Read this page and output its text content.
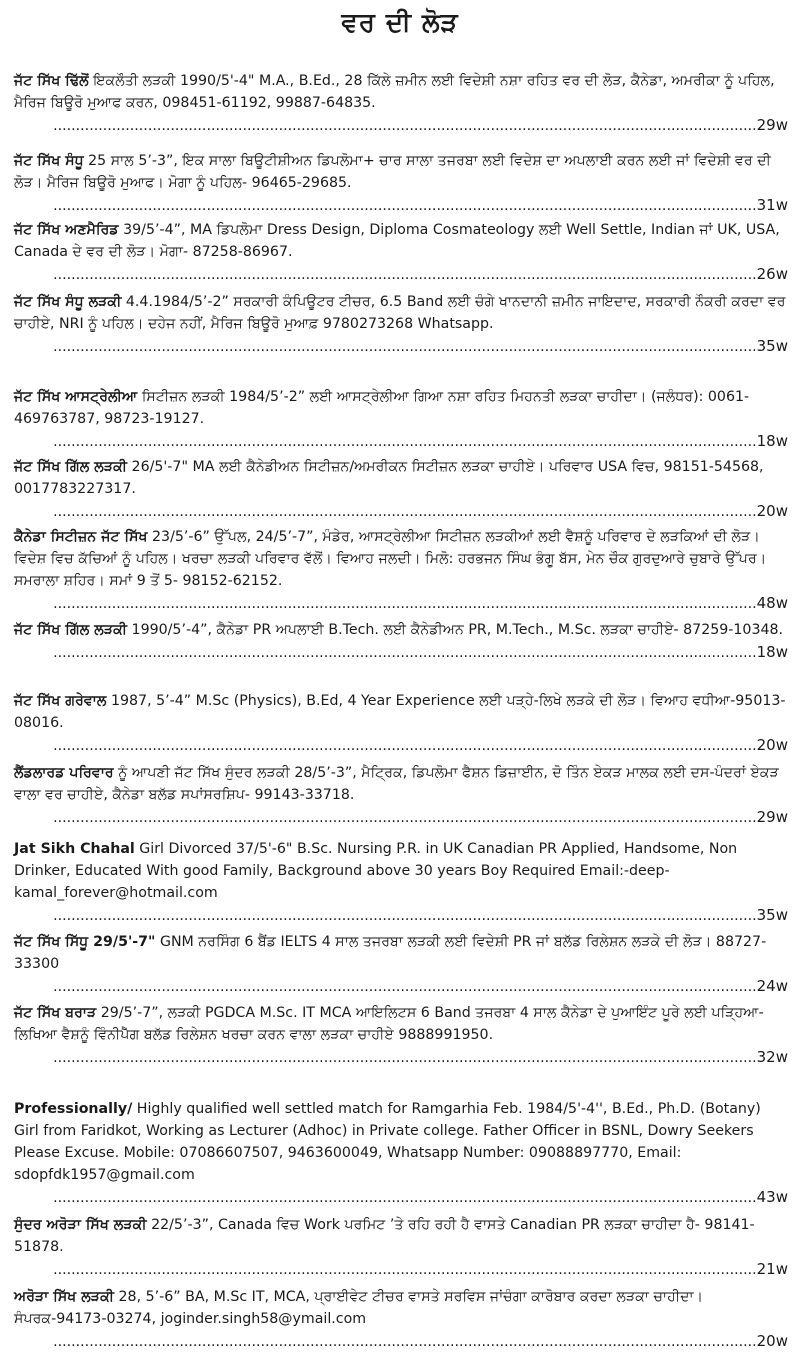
ਵਰ ਦੀ ਲੋੜ
ਜੱਟ ਸਿੱਖ ਢਿੱਲੋਂ ਇਕਲੌਤੀ ਲੜਕੀ 1990/5'-4" M.A., B.Ed., 28 ਕਿੱਲੇ ਜ਼ਮੀਨ ਲਈ ਵਿਦੇਸ਼ੀ ਨਸ਼ਾ ਰਹਿਤ ਵਰ ਦੀ ਲੋੜ, ਕੈਨੇਡਾ, ਅਮਰੀਕਾ ਨੂੰ ਪਹਿਲ, ਮੈਰਿਜ ਬਿਊਰੋ ਮੁਆਫ ਕਰਨ, 098451-61192, 99887-64835.
..... 29w
ਜੱਟ ਸਿੱਖ ਸੰਧੂ 25 ਸਾਲ 5’-3”, ਇਕ ਸਾਲਾ ਬਿਊਟੀਸ਼ੀਅਨ ਡਿਪਲੋਮਾ+ ਚਾਰ ਸਾਲਾ ਤਜਰਬਾ ਲਈ ਵਿਦੇਸ਼ ਦਾ ਅਪਲਾਈ ਕਰਨ ਲਈ ਜਾਂ ਵਿਦੇਸ਼ੀ ਵਰ ਦੀ ਲੋੜ। ਮੈਰਿਜ ਬਿਊਰੋ ਮੁਆਫ। ਮੋਗਾ ਨੂੰ ਪਹਿਲ- 96465-29685.
..... 31w
ਜੱਟ ਸਿੱਖ ਅਣਮੈਰਿਡ 39/5’-4”, MA ਡਿਪਲੋਮਾ Dress Design, Diploma Cosmateology ਲਈ Well Settle, Indian ਜਾਂ UK, USA, Canada ਦੇ ਵਰ ਦੀ ਲੋੜ। ਮੋਗਾ- 87258-86967.
..... 26w
ਜੱਟ ਸਿੱਖ ਸੰਧੂ ਲੜਕੀ 4.4.1984/5’-2” ਸਰਕਾਰੀ ਕੰਪਿਊਟਰ ਟੀਚਰ, 6.5 Band ਲਈ ਚੰਗੇ ਖਾਨਦਾਨੀ ਜ਼ਮੀਨ ਜਾਇਦਾਦ, ਸਰਕਾਰੀ ਨੌਕਰੀ ਕਰਦਾ ਵਰ ਚਾਹੀਏ, NRI ਨੂੰ ਪਹਿਲ। ਦਹੇਜ ਨਹੀਂ, ਮੈਰਿਜ ਬਿਊਰੋ ਮੁਆਫ਼ 9780273268 Whatsapp.
..... 35w
ਜੱਟ ਸਿੱਖ ਆਸਟ੍ਰੇਲੀਆ ਸਿਟੀਜ਼ਨ ਲੜਕੀ 1984/5’-2” ਲਈ ਆਸਟ੍ਰੇਲੀਆ ਗਿਆ ਨਸ਼ਾ ਰਹਿਤ ਮਿਹਨਤੀ ਲੜਕਾ ਚਾਹੀਦਾ। (ਜਲੰਧਰ): 0061-469763787, 98723-19127.
..... 18w
ਜੱਟ ਸਿੱਖ ਗਿੱਲ ਲੜਕੀ 26/5'-7" MA ਲਈ ਕੈਨੇਡੀਅਨ ਸਿਟੀਜ਼ਨ/ਅਮਰੀਕਨ ਸਿਟੀਜ਼ਨ ਲੜਕਾ ਚਾਹੀਏ। ਪਰਿਵਾਰ USA ਵਿਚ, 98151-54568, 0017783227317.
..... 20w
ਕੈਨੇਡਾ ਸਿਟੀਜ਼ਨ ਜੱਟ ਸਿੱਖ 23/5’-6” ਉੱਪਲ, 24/5’-7”, ਮੰਡੇਰ, ਆਸਟ੍ਰੇਲੀਆ ਸਿਟੀਜ਼ਨ ਲੜਕੀਆਂ ਲਈ ਵੈਸ਼ਨੂੰ ਪਰਿਵਾਰ ਦੇ ਲੜਕਿਆਂ ਦੀ ਲੋੜ। ਵਿਦੇਸ਼ ਵਿਚ ਕੱਚਿਆਂ ਨੂੰ ਪਹਿਲ। ਖਰਚਾ ਲੜਕੀ ਪਰਿਵਾਰ ਵੱਲੋਂ। ਵਿਆਹ ਜਲਦੀ। ਮਿਲੋ: ਹਰਭਜਨ ਸਿੰਘ ਭੰਗੂ ਬੱਸ, ਮੇਨ ਚੌਕ ਗੁਰਦੁਆਰੇ ਚੁਬਾਰੇ ਉੱਪਰ। ਸਮਰਾਲਾ ਸ਼ਹਿਰ। ਸਮਾਂ 9 ਤੋਂ 5- 98152-62152.
..... 48w
ਜੱਟ ਸਿੱਖ ਗਿੱਲ ਲੜਕੀ 1990/5’-4”, ਕੈਨੇਡਾ PR ਅਪਲਾਈ B.Tech. ਲਈ ਕੈਨੇਡੀਅਨ PR, M.Tech., M.Sc. ਲੜਕਾ ਚਾਹੀਏ- 87259-10348.
..... 18w
ਜੱਟ ਸਿੱਖ ਗਰੇਵਾਲ 1987, 5’-4” M.Sc (Physics), B.Ed, 4 Year Experience ਲਈ ਪੜ੍ਹੇ-ਲਿਖੇ ਲੜਕੇ ਦੀ ਲੋੜ। ਵਿਆਹ ਵਧੀਆ-95013-08016.
..... 20w
ਲੈਂਡਲਾਰਡ ਪਰਿਵਾਰ ਨੂੰ ਆਪਣੀ ਜੱਟ ਸਿੱਖ ਸੁੰਦਰ ਲੜਕੀ 28/5’-3”, ਮੈਟ੍ਰਿਕ, ਡਿਪਲੋਮਾ ਫੈਸ਼ਨ ਡਿਜ਼ਾਈਨ, ਦੋ ਤਿੰਨ ਏਕੜ ਮਾਲਕ ਲਈ ਦਸ-ਪੰਦਰਾਂ ਏਕੜ ਵਾਲਾ ਵਰ ਚਾਹੀਏ, ਕੈਨੇਡਾ ਬਲੱਡ ਸਪਾਂਸਰਸ਼ਿਪ- 99143-33718.
..... 29w
Jat Sikh Chahal Girl Divorced 37/5'-6" B.Sc. Nursing P.R. in UK Canadian PR Applied, Handsome, Non Drinker, Educated With good Family, Background above 30 years Boy Required Email:-deep-kamal_forever@hotmail.com
..... 35w
ਜੱਟ ਸਿੱਖ ਸਿੱਧੂ 29/5'-7" GNM ਨਰਸਿੰਗ 6 ਬੈਂਡ IELTS 4 ਸਾਲ ਤਜਰਬਾ ਲੜਕੀ ਲਈ ਵਿਦੇਸ਼ੀ PR ਜਾਂ ਬਲੱਡ ਰਿਲੇਸ਼ਨ ਲੜਕੇ ਦੀ ਲੋੜ। 88727-33300
..... 24w
ਜੱਟ ਸਿੱਖ ਬਰਾੜ 29/5’-7”, ਲੜਕੀ PGDCA M.Sc. IT MCA ਆਇਲਿਟਸ 6 Band ਤਜਰਬਾ 4 ਸਾਲ ਕੈਨੇਡਾ ਦੇ ਪੁਆਇੰਟ ਪੂਰੇ ਲਈ ਪੜ੍ਹਿਆ-ਲਿਖਿਆ ਵੈਸ਼ਨੂੰ ਵਿੰਨੀਪੈੱਗ ਬਲੱਡ ਰਿਲੇਸ਼ਨ ਖਰਚਾ ਕਰਨ ਵਾਲਾ ਲੜਕਾ ਚਾਹੀਏ 9888991950.
..... 32w
Professionally/ Highly qualified well settled match for Ramgarhia Feb. 1984/5'-4'', B.Ed., Ph.D. (Botany) Girl from Faridkot, Working as Lecturer (Adhoc) in Private college. Father Officer in BSNL, Dowry Seekers Please Excuse. Mobile: 07086607507, 9463600049, Whatsapp Number: 09088897770, Email: sdopfdk1957@gmail.com
..... 43w
ਸੁੰਦਰ ਅਰੋੜਾ ਸਿੱਖ ਲੜਕੀ 22/5’-3”, Canada ਵਿਚ Work ਪਰਮਿਟ ’ਤੇ ਰਹਿ ਰਹੀ ਹੈ ਵਾਸਤੇ Canadian PR ਲੜਕਾ ਚਾਹੀਦਾ ਹੈ- 98141-51878.
..... 21w
ਅਰੋੜਾ ਸਿੱਖ ਲੜਕੀ 28, 5’-6” BA, M.Sc IT, MCA, ਪ੍ਰਾਈਵੇਟ ਟੀਚਰ ਵਾਸਤੇ ਸਰਵਿਸ ਜਾਂਚੰਗਾ ਕਾਰੋਬਾਰ ਕਰਦਾ ਲੜਕਾ ਚਾਹੀਦਾ। ਸੰਪਰਕ-94173-03274, joginder.singh58@ymail.com
..... 20w
